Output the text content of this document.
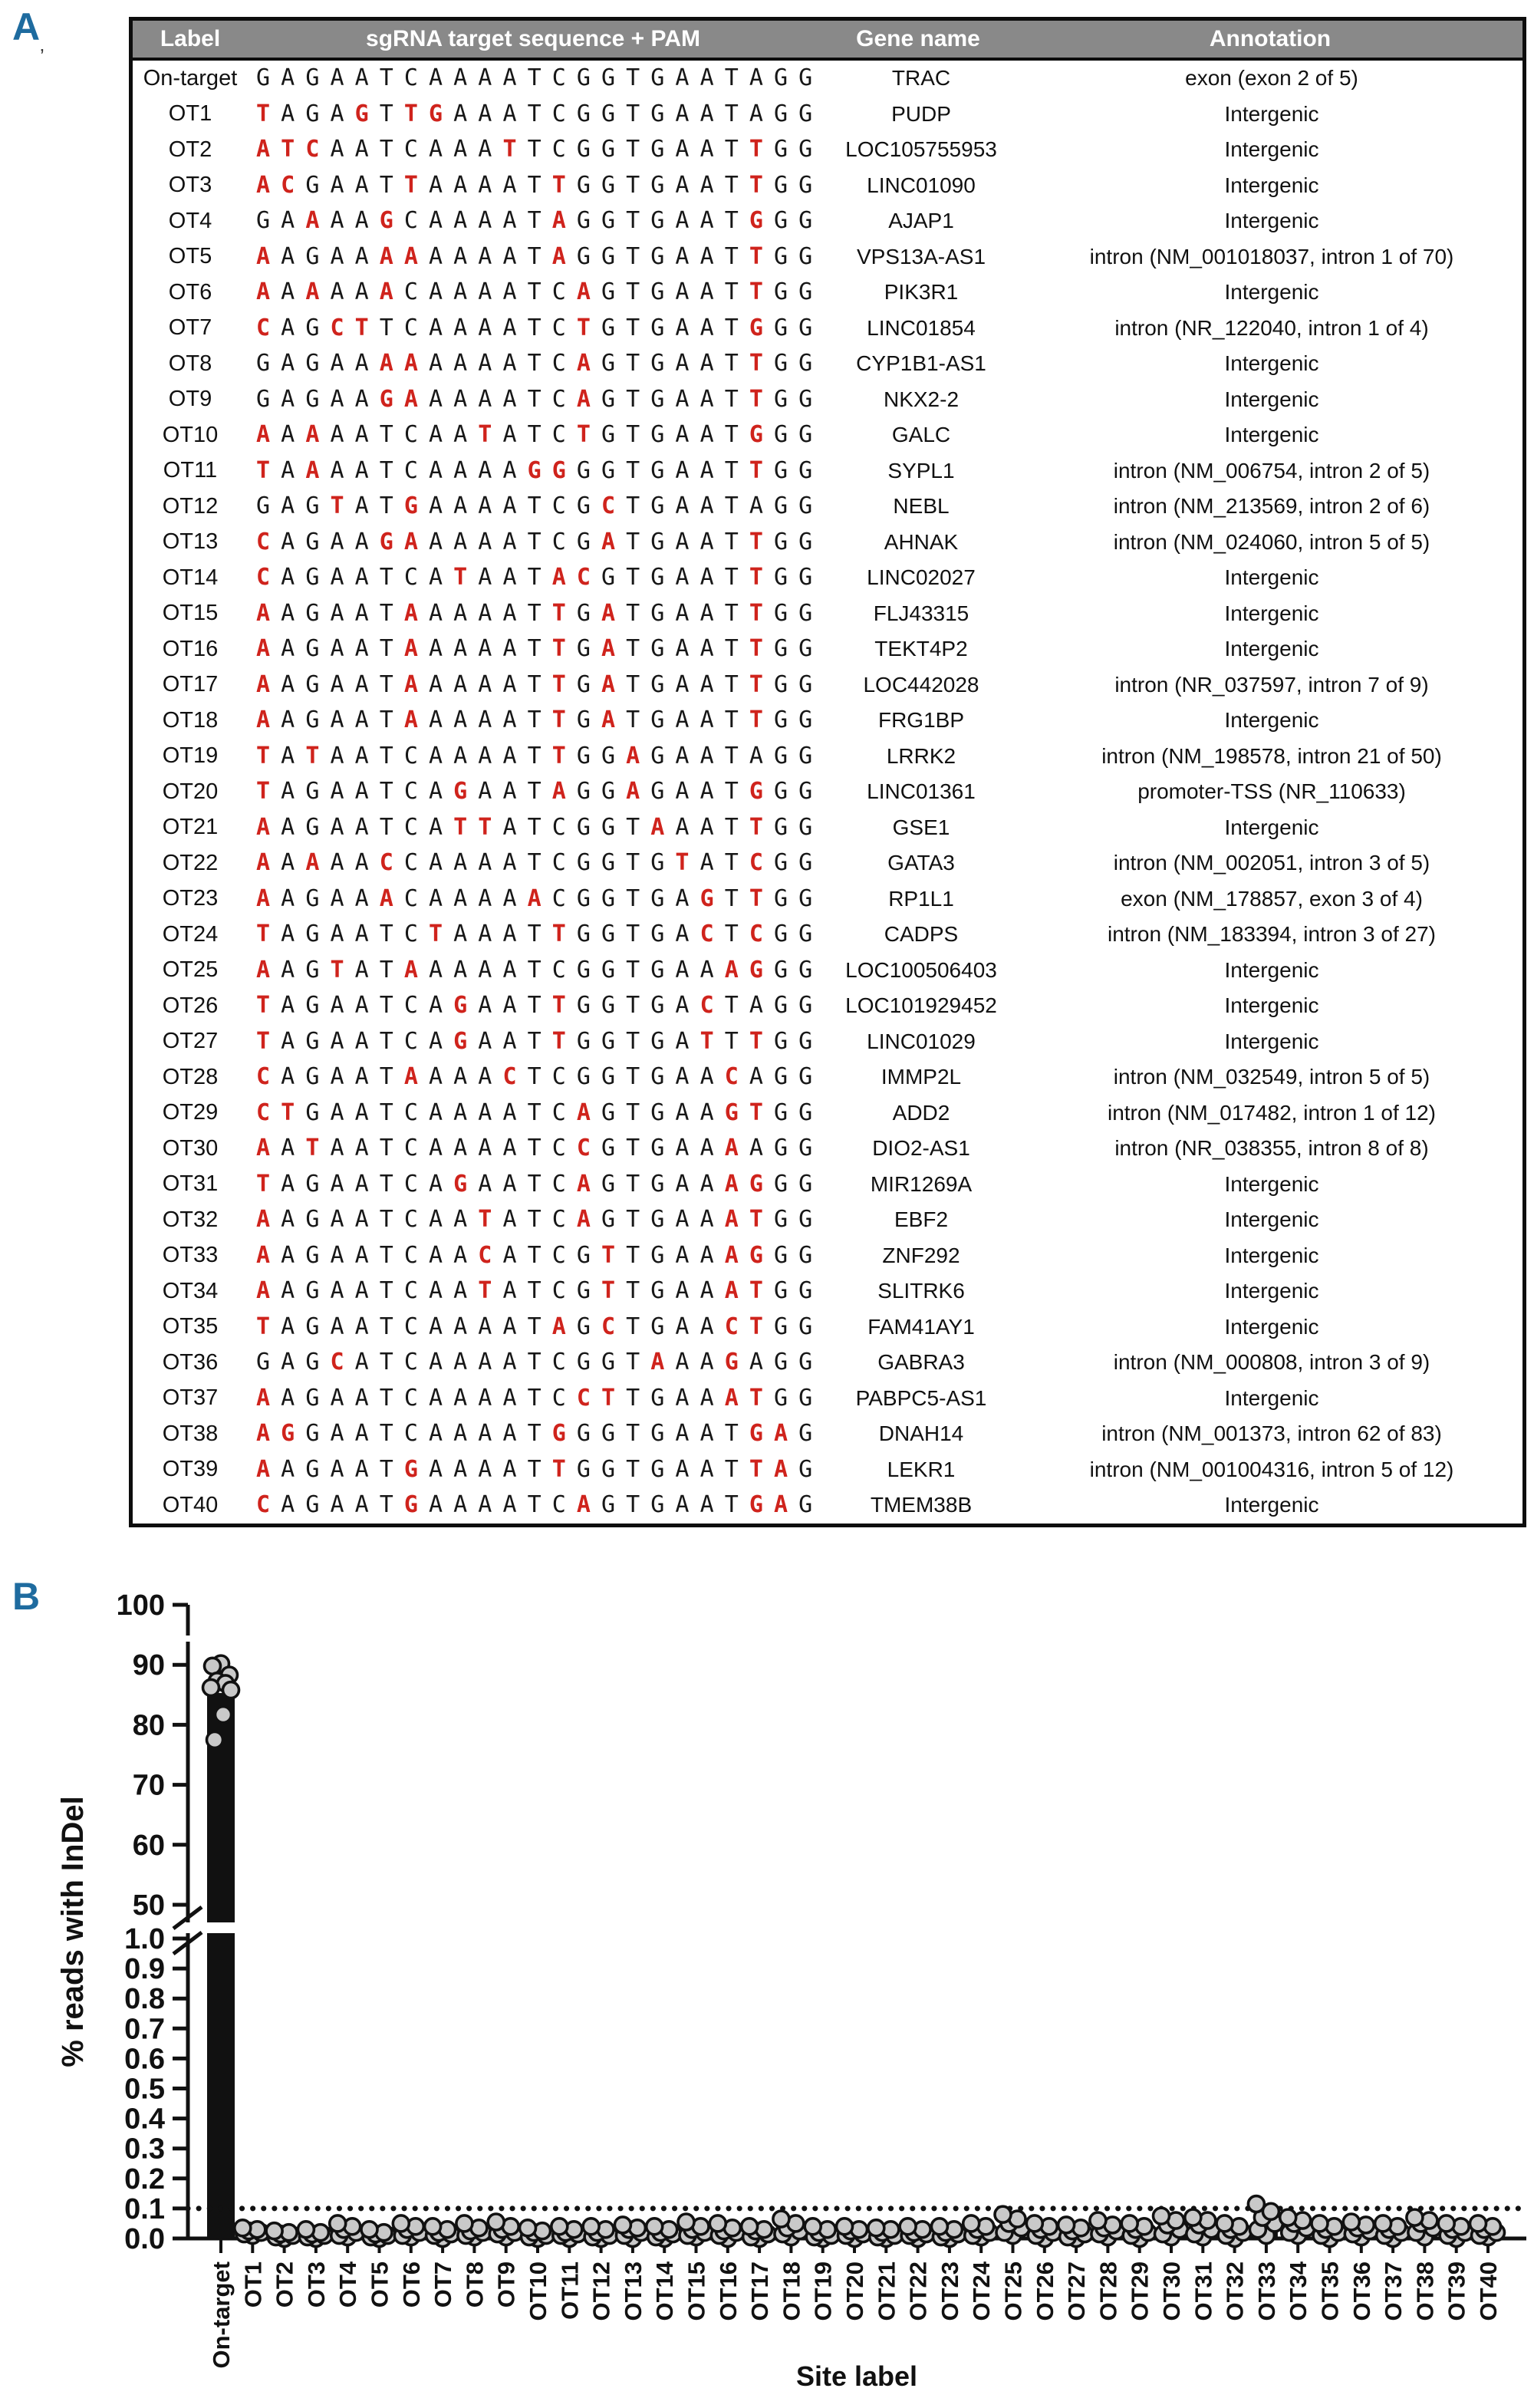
A
’
Label	sgRNA target sequence + PAM	Gene name	Annotation
On-target G A G A A T C A A A A T C G G T G A A T A G G	TRAC	exon (exon 2 of 5)
OT1	T A G A G T T G A A A T C G G T G A A T A G G	PUDP	Intergenic
OT2	A T C A A T C A A A T T C G G T G A A T T G G	LOC105755953	Intergenic
OT3	A C G A A T T A A A A T T G G T G A A T T G G	LINC01090	Intergenic
OT4	G A A A A G C A A A A T A G G T G A A T G G G	AJAP1	Intergenic
OT5	A A G A A A A A A A A T A G G T G A A T T G G	VPS13A-AS1	intron (NM_001018037, intron 1 of 70)
OT6	A A A A A A C A A A A T C A G T G A A T T G G	PIK3R1	Intergenic
OT7	C A G C T T C A A A A T C T G T G A A T G G G	LINC01854	intron (NR_122040, intron 1 of 4)
OT8	G A G A A A A A A A A T C A G T G A A T T G G	CYP1B1-AS1	Intergenic
OT9	G A G A A G A A A A A T C A G T G A A T T G G	NKX2-2	Intergenic
OT10	A A A A A T C A A T A T C T G T G A A T G G G	GALC	Intergenic
OT11	T A A A A T C A A A A G G G G T G A A T T G G	SYPL1	intron (NM_006754, intron 2 of 5)
OT12	G A G T A T G A A A A T C G C T G A A T A G G	NEBL	intron (NM_213569, intron 2 of 6)
OT13	C A G A A G A A A A A T C G A T G A A T T G G	AHNAK	intron (NM_024060, intron 5 of 5)
OT14	C A G A A T C A T A A T A C G T G A A T T G G	LINC02027	Intergenic
OT15	A A G A A T A A A A A T T G A T G A A T T G G	FLJ43315	Intergenic
OT16	A A G A A T A A A A A T T G A T G A A T T G G	TEKT4P2	Intergenic
OT17	A A G A A T A A A A A T T G A T G A A T T G G	LOC442028	intron (NR_037597, intron 7 of 9)
OT18	A A G A A T A A A A A T T G A T G A A T T G G	FRG1BP	Intergenic
OT19	T A T A A T C A A A A T T G G A G A A T A G G	LRRK2	intron (NM_198578, intron 21 of 50)
OT20	T A G A A T C A G A A T A G G A G A A T G G G	LINC01361	promoter-TSS (NR_110633)
OT21	A A G A A T C A T T A T C G G T A A A T T G G	GSE1	Intergenic
OT22	A A A A A C C A A A A T C G G T G T A T C G G	GATA3	intron (NM_002051, intron 3 of 5)
OT23	A A G A A A C A A A A A C G G T G A G T T G G	RP1L1	exon (NM_178857, exon 3 of 4)
OT24	T A G A A T C T A A A T T G G T G A C T C G G	CADPS	intron (NM_183394, intron 3 of 27)
OT25	A A G T A T A A A A A T C G G T G A A A G G G	LOC100506403	Intergenic
OT26	T A G A A T C A G A A T T G G T G A C T A G G	LOC101929452	Intergenic
OT27	T A G A A T C A G A A T T G G T G A T T T G G	LINC01029	Intergenic
OT28	C A G A A T A A A A C T C G G T G A A C A G G	IMMP2L	intron (NM_032549, intron 5 of 5)
OT29	C T G A A T C A A A A T C A G T G A A G T G G	ADD2	intron (NM_017482, intron 1 of 12)
OT30	A A T A A T C A A A A T C C G T G A A A A G G	DIO2-AS1	intron (NR_038355, intron 8 of 8)
OT31	T A G A A T C A G A A T C A G T G A A A G G G	MIR1269A	Intergenic
OT32	A A G A A T C A A T A T C A G T G A A A T G G	EBF2	Intergenic
OT33	A A G A A T C A A C A T C G T T G A A A G G G	ZNF292	Intergenic
OT34	A A G A A T C A A T A T C G T T G A A A T G G	SLITRK6	Intergenic
OT35	T A G A A T C A A A A T A G C T G A A C T G G	FAM41AY1	Intergenic
OT36	G A G C A T C A A A A T C G G T A A A G A G G	GABRA3	intron (NM_000808, intron 3 of 9)
OT37	A A G A A T C A A A A T C C T T G A A A T G G	PABPC5-AS1	Intergenic
OT38	A G G A A T C A A A A T G G G T G A A T G A G	DNAH14	intron (NM_001373, intron 62 of 83)
OT39	A A G A A T G A A A A T T G G T G A A T T A G	LEKR1	intron (NM_001004316, intron 5 of 12)
OT40	C A G A A T G A A A A T C A G T G A A T G A G	TMEM38B	Intergenic
B
50
60
70
80
90
100
0.0
0.1
0.2
0.3
0.4
0.5
0.6
0.7
0.8
0.9
1.0
On-target OT1 OT2 OT3 OT4 OT5 OT6 OT7 OT8 OT9 OT10 OT11 OT12 OT13 OT14 OT15 OT16 OT17 OT18 OT19 OT20 OT21 OT22 OT23 OT24 OT25 OT26 OT27 OT28 OT29 OT30 OT31 OT32 OT33 OT34 OT35 OT36 OT37 OT38 OT39 OT40
% reads with InDel
Site label
